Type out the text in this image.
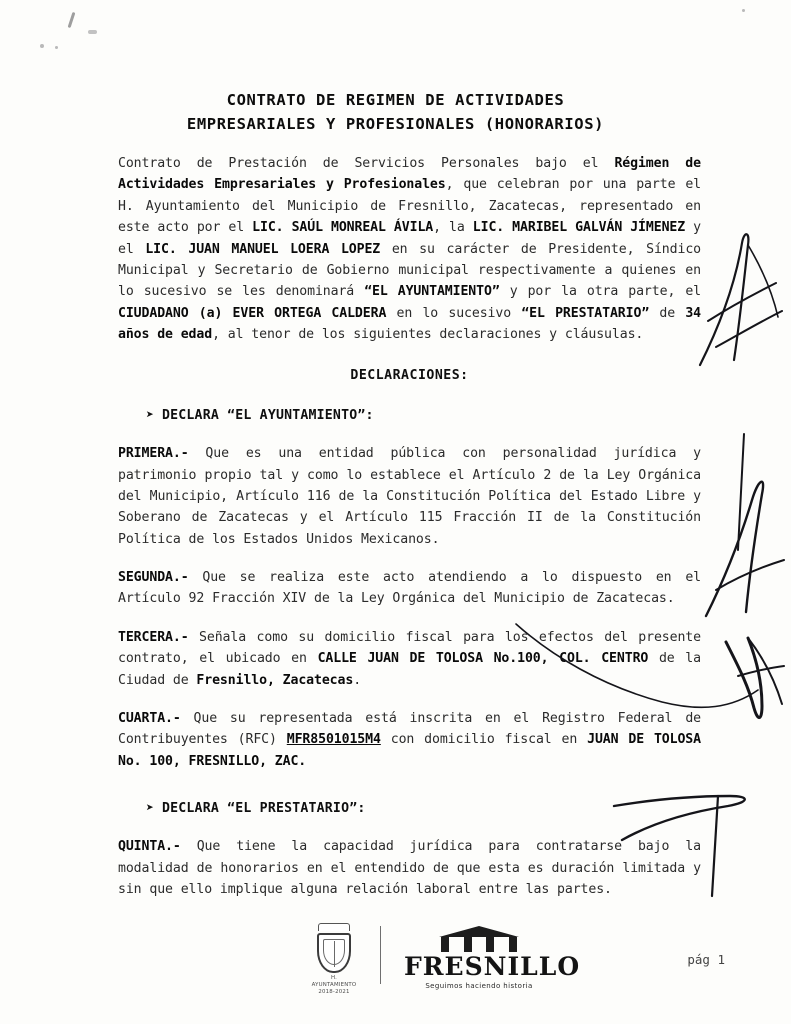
CONTRATO DE REGIMEN DE ACTIVIDADES
EMPRESARIALES Y PROFESIONALES (HONORARIOS)

Contrato de Prestación de Servicios Personales bajo el Régimen de Actividades Empresariales y Profesionales, que celebran por una parte el H. Ayuntamiento del Municipio de Fresnillo, Zacatecas, representado en este acto por el LIC. SAÚL MONREAL ÁVILA, la LIC. MARIBEL GALVÁN JÍMENEZ y el LIC. JUAN MANUEL LOERA LOPEZ en su carácter de Presidente, Síndico Municipal y Secretario de Gobierno municipal respectivamente a quienes en lo sucesivo se les denominará “EL AYUNTAMIENTO” y por la otra parte, el CIUDADANO (a) EVER ORTEGA CALDERA en lo sucesivo “EL PRESTATARIO” de 34 años de edad, al tenor de los siguientes declaraciones y cláusulas.

DECLARACIONES:
➤ DECLARA “EL AYUNTAMIENTO”:

PRIMERA.- Que es una entidad pública con personalidad jurídica y patrimonio propio tal y como lo establece el Artículo 2 de la Ley Orgánica del Municipio, Artículo 116 de la Constitución Política del Estado Libre y Soberano de Zacatecas y el Artículo 115 Fracción II de la Constitución Política de los Estados Unidos Mexicanos.

SEGUNDA.- Que se realiza este acto atendiendo a lo dispuesto en el Artículo 92 Fracción XIV de la Ley Orgánica del Municipio de Zacatecas.

TERCERA.- Señala como su domicilio fiscal para los efectos del presente contrato, el ubicado en CALLE JUAN DE TOLOSA No.100, COL. CENTRO de la Ciudad de Fresnillo, Zacatecas.

CUARTA.- Que su representada está inscrita en el Registro Federal de Contribuyentes (RFC) MFR8501015M4 con domicilio fiscal en JUAN DE TOLOSA No. 100, FRESNILLO, ZAC.

➤ DECLARA “EL PRESTATARIO”:

QUINTA.- Que tiene la capacidad jurídica para contratarse bajo la modalidad de honorarios en el entendido de que esta es duración limitada y sin que ello implique alguna relación laboral entre las partes.

H. AYUNTAMIENTO
2018-2021
FRESNILLO
Seguimos haciendo historia
pág 1
